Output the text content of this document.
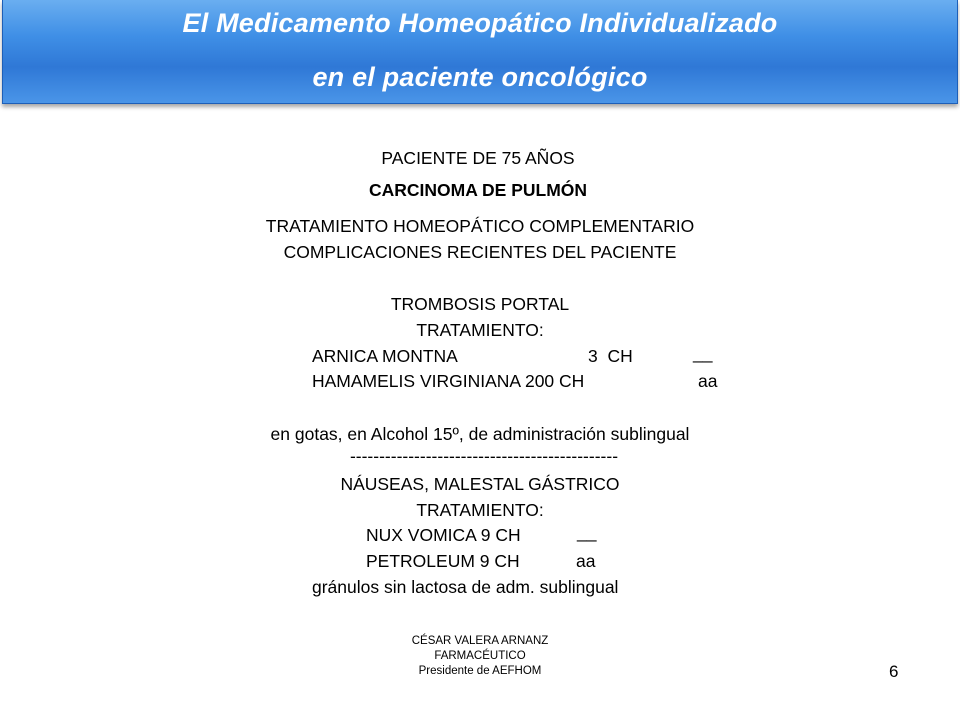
El Medicamento Homeopático Individualizado
en el paciente oncológico
PACIENTE DE 75 AÑOS
CARCINOMA DE PULMÓN
TRATAMIENTO HOMEOPÁTICO COMPLEMENTARIO
COMPLICACIONES RECIENTES DEL PACIENTE
TROMBOSIS PORTAL
TRATAMIENTO:
ARNICA MONTNA	3  CH	__
HAMAMELIS VIRGINIANA 200 CH	aa
en gotas, en Alcohol 15º, de administración sublingual
----------------------------------------------
NÁUSEAS, MALESTAL GÁSTRICO
TRATAMIENTO:
NUX VOMICA 9 CH	__
PETROLEUM 9 CH	aa
gránulos sin lactosa de adm. sublingual
CÉSAR VALERA ARNANZ
FARMACÉUTICO
Presidente de AEFHOM	6
